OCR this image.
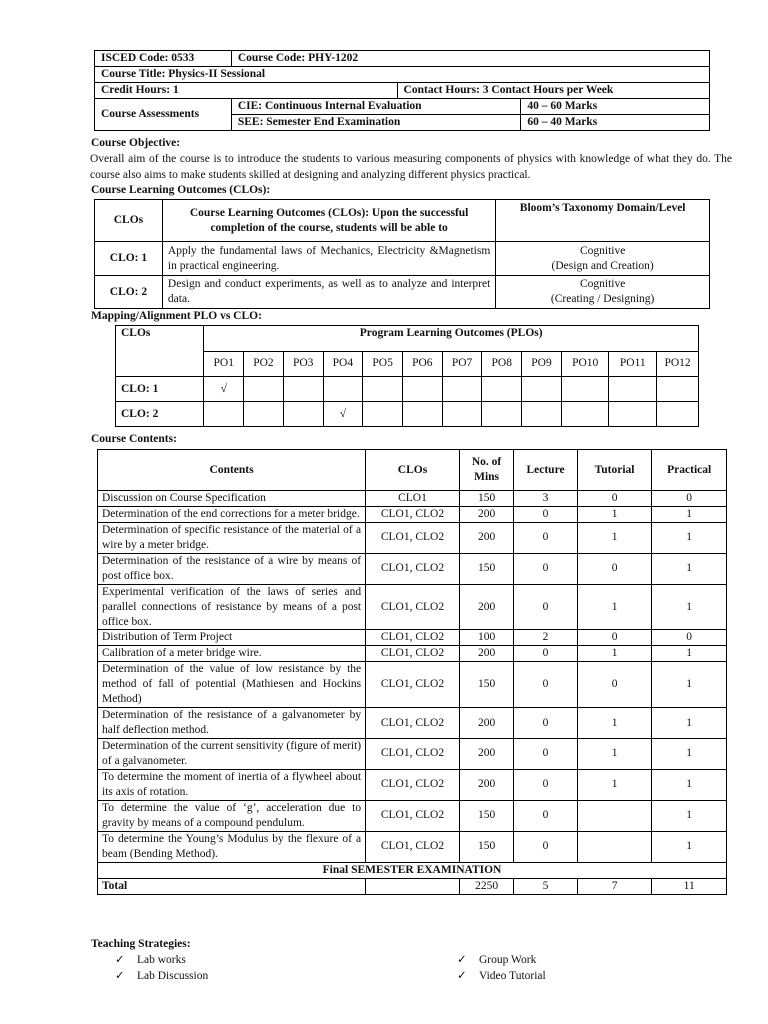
ISCED Code: 0533	Course Code: PHY-1202		
Course Title: Physics-II Sessional			
Credit Hours: 1		Contact Hours: 3 Contact Hours per Week	
Course Assessments	CIE: Continuous Internal Evaluation		40 – 60 Marks
	SEE: Semester End Examination		60 – 40 Marks
Course Objective:
Overall aim of the course is to introduce the students to various measuring components of physics with knowledge of what they do. The course also aims to make students skilled at designing and analyzing different physics practical.
Course Learning Outcomes (CLOs):
CLOs	Course Learning Outcomes (CLOs): Upon the successful completion of the course, students will be able to	Bloom’s Taxonomy Domain/Level
CLO: 1	Apply the fundamental laws of Mechanics, Electricity &Magnetism in practical engineering.	Cognitive
(Design and Creation)

CLO: 2	Design and conduct experiments, as well as to analyze and interpret data.	Cognitive
(Creating / Designing)
Mapping/Alignment PLO vs CLO:
CLOs	Program Learning Outcomes (PLOs)											
	PO1	PO2	PO3	PO4	PO5	PO6	PO7	PO8	PO9	PO10	PO11	PO12
CLO: 1	√											
CLO: 2				√								
Course Contents:
Contents	CLOs	No. of Mins	Lecture	Tutorial	Practical
Discussion on Course Specification	CLO1	150	3	0	0
Determination of the end corrections for a meter bridge.	CLO1, CLO2	200	0	1	1
Determination of specific resistance of the material of a wire by a meter bridge.	CLO1, CLO2	200	0	1	1
Determination of the resistance of a wire by means of post office box.	CLO1, CLO2	150	0	0	1
Experimental verification of the laws of series and parallel connections of resistance by means of a post office box.	CLO1, CLO2	200	0	1	1
Distribution of Term Project	CLO1, CLO2	100	2	0	0
Calibration of a meter bridge wire.	CLO1, CLO2	200	0	1	1
Determination of the value of low resistance by the method of fall of potential (Mathiesen and Hockins Method)	CLO1, CLO2	150	0	0	1
Determination of the resistance of a galvanometer by half deflection method.	CLO1, CLO2	200	0	1	1
Determination of the current sensitivity (figure of merit) of a galvanometer.	CLO1, CLO2	200	0	1	1
To determine the moment of inertia of a flywheel about its axis of rotation.	CLO1, CLO2	200	0	1	1
To determine the value of ‘g’, acceleration due to gravity by means of a compound pendulum.	CLO1, CLO2	150	0		1
To determine the Young’s Modulus by the flexure of a beam (Bending Method).	CLO1, CLO2	150	0		1
Final SEMESTER EXAMINATION					
Total		2250	5	7	11
Teaching Strategies:
✓ Lab works
✓ Lab Discussion
✓ Group Work
✓ Video Tutorial
